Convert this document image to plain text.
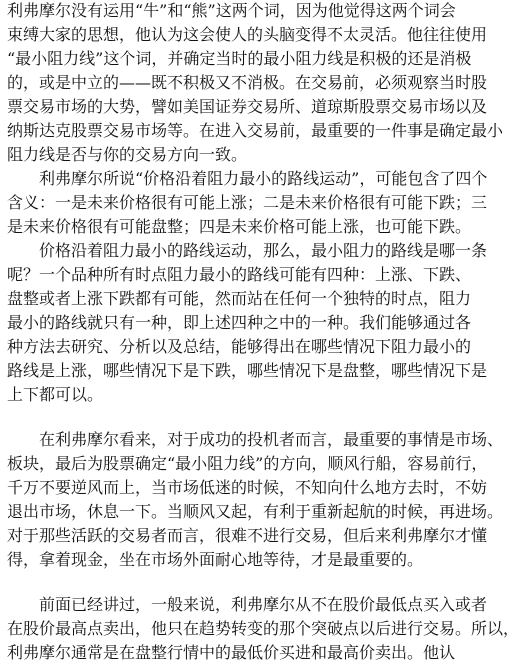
利弗摩尔没有运用“牛”和“熊”这两个词，因为他觉得这两个词会
束缚大家的思想，他认为这会使人的头脑变得不太灵活。他往往使用
“最小阻力线”这个词，并确定当时的最小阻力线是积极的还是消极
的，或是中立的——既不积极又不消极。在交易前，必须观察当时股
票交易市场的大势，譬如美国证券交易所、道琼斯股票交易市场以及
纳斯达克股票交易市场等。在进入交易前，最重要的一件事是确定最小
阻力线是否与你的交易方向一致。
利弗摩尔所说“价格沿着阻力最小的路线运动”，可能包含了四个
含义：一是未来价格很有可能上涨；二是未来价格很有可能下跌；三
是未来价格很有可能盘整；四是未来价格可能上涨，也可能下跌。
价格沿着阻力最小的路线运动，那么，最小阻力的路线是哪一条
呢？一个品种所有时点阻力最小的路线可能有四种：上涨、下跌、
盘整或者上涨下跌都有可能，然而站在任何一个独特的时点，阻力
最小的路线就只有一种，即上述四种之中的一种。我们能够通过各
种方法去研究、分析以及总结，能够得出在哪些情况下阻力最小的
路线是上涨，哪些情况下是下跌，哪些情况下是盘整，哪些情况下是
上下都可以。
在利弗摩尔看来，对于成功的投机者而言，最重要的事情是市场、
板块，最后为股票确定“最小阻力线”的方向，顺风行船，容易前行，
千万不要逆风而上，当市场低迷的时候，不知向什么地方去时，不妨
退出市场，休息一下。当顺风又起，有利于重新起航的时候，再进场。
对于那些活跃的交易者而言，很难不进行交易，但后来利弗摩尔才懂
得，拿着现金，坐在市场外面耐心地等待，才是最重要的。
前面已经讲过，一般来说，利弗摩尔从不在股价最低点买入或者
在股价最高点卖出，他只在趋势转变的那个突破点以后进行交易。所以，
利弗摩尔通常是在盘整行情中的最低价买进和最高价卖出。他认
